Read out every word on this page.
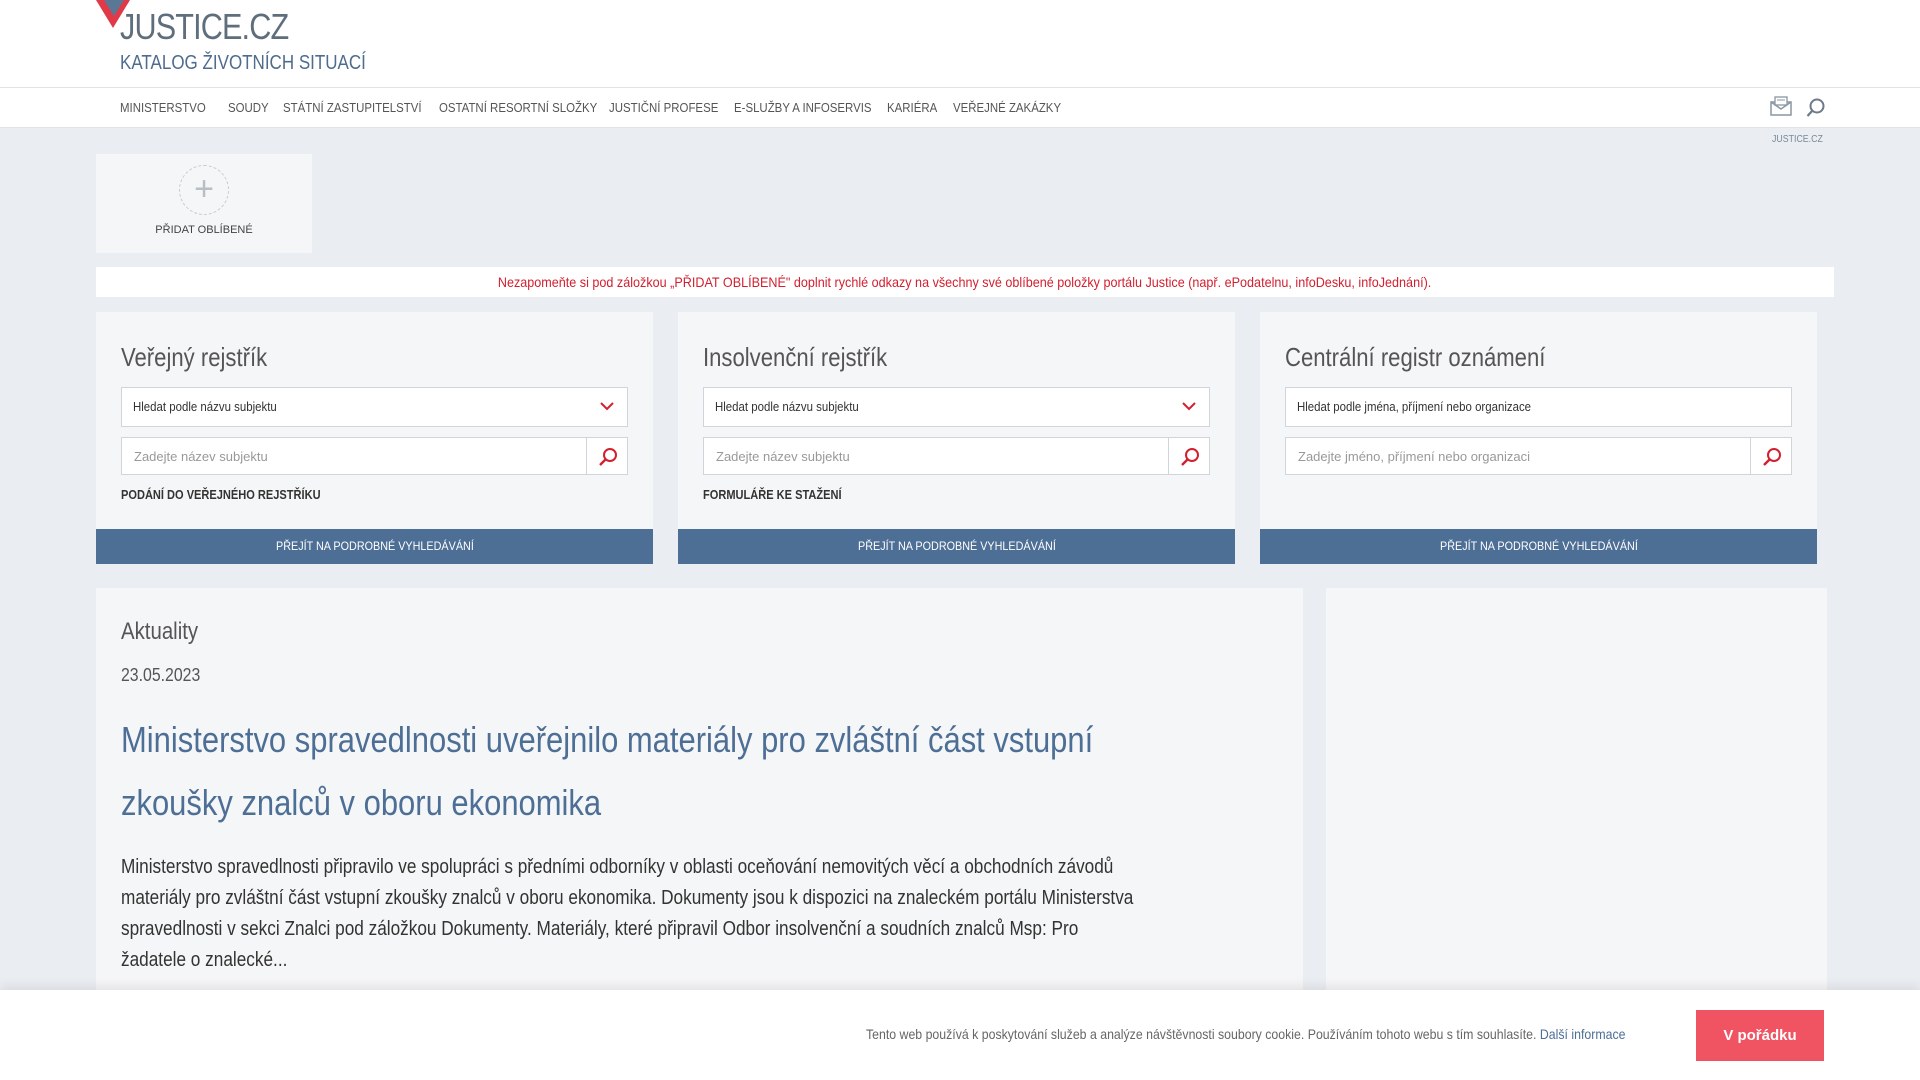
JUSTICE.CZ
KATALOG ŽIVOTNÍCH SITUACÍ
MINISTERSTVO SOUDY STÁTNÍ ZASTUPITELSTVÍ OSTATNÍ RESORTNÍ SLOŽKY JUSTIČNÍ PROFESE E-SLUŽBY A INFOSERVIS KARIÉRA VEŘEJNÉ ZAKÁZKY
JUSTICE.CZ
+
PŘIDAT OBLÍBENÉ
Nezapomeňte si pod záložkou „PŘIDAT OBLÍBENÉ" doplnit rychlé odkazy na všechny své oblíbené položky portálu Justice (např. ePodatelnu, infoDesku, infoJednání).
Veřejný rejstřík
Hledat podle názvu subjektu
Zadejte název subjektu
PODÁNÍ DO VEŘEJNÉHO REJSTŘÍKU
PŘEJÍT NA PODROBNÉ VYHLEDÁVÁNÍ
Insolvenční rejstřík
Hledat podle názvu subjektu
Zadejte název subjektu
FORMULÁŘE KE STAŽENÍ
PŘEJÍT NA PODROBNÉ VYHLEDÁVÁNÍ
Centrální registr oznámení
Hledat podle jména, příjmení nebo organizace
Zadejte jméno, příjmení nebo organizaci
PŘEJÍT NA PODROBNÉ VYHLEDÁVÁNÍ
Aktuality
23.05.2023
Ministerstvo spravedlnosti uveřejnilo materiály pro zvláštní část vstupní zkoušky znalců v oboru ekonomika
Ministerstvo spravedlnosti připravilo ve spolupráci s předními odborníky v oblasti oceňování nemovitých věcí a obchodních závodů materiály pro zvláštní část vstupní zkoušky znalců v oboru ekonomika. Dokumenty jsou k dispozici na znaleckém portálu Ministerstva spravedlnosti v sekci Znalci pod záložkou Dokumenty. Materiály, které připravil Odbor insolvenční a soudních znalců Msp: Pro žadatele o znalecké...
Tento web používá k poskytování služeb a analýze návštěvnosti soubory cookie. Používáním tohoto webu s tím souhlasíte. Další informace	V pořádku
